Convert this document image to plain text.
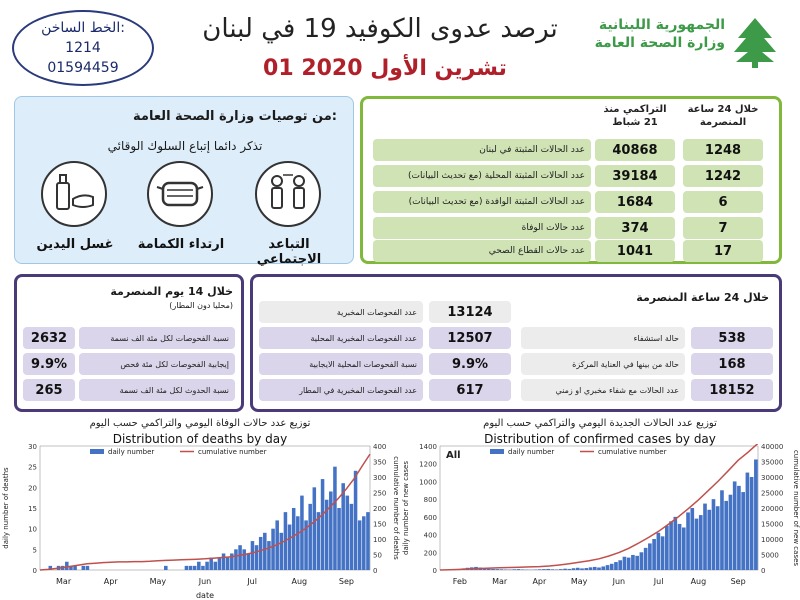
الخط الساخن:
1214
01594459
الجمهورية اللبنانية
وزارة الصحة العامة
ترصد عدوى الكوفيد 19 في لبنان
01 تشرين الأول 2020
من توصيات وزارة الصحة العامة:
تذكر دائما إتباع السلوك الوقائي
التباعد الاجتماعي
ارتداء الكمامة
غسل اليدين
خلال 24 ساعة المنصرمة
التراكمي منذ 21 شباط
عدد الحالات المثبتة في لبنان	40868	1248
عدد الحالات المثبتة المحلية (مع تحديث البيانات)	39184	1242
عدد الحالات المثبتة الوافدة (مع تحديث البيانات)	1684	6
عدد حالات الوفاة	374	7
عدد حالات القطاع الصحي	1041	17
خلال 14 يوم المنصرمة
(محليا دون المطار)
2632	نسبة الفحوصات لكل مئة الف نسمة
9.9%	إيجابية الفحوصات لكل مئة فحص
265	نسبة الحدوث لكل مئة الف نسمة
خلال 24 ساعة المنصرمة
عدد الفحوصات المخبرية	13124
عدد الفحوصات المخبرية المحلية	12507
نسبة الفحوصات المحلية الايجابية	9.9%
عدد الفحوصات المخبرية في المطار	617
حالة استشفاء	538
حالة من بينها في العناية المركزة	168
عدد الحالات مع شفاء مخبري او زمني	18152
توزيع عدد حالات الوفاة اليومي والتراكمي حسب اليوم
Distribution of deaths by day
توزيع عدد الحالات الجديدة اليومي والتراكمي حسب اليوم
Distribution of confirmed cases by day
0
5
10
15
20
25
30
0
50
100
150
200
250
300
350
400
Mar	Apr	May	Jun	Jul	Aug	Sep
date
daily number of deaths	cumulative number of deaths
daily number	cumulative number
0
200
400
600
800
1000
1200
1400
0
5000
10000
15000
20000
25000
30000
35000
40000
Feb	Mar	Apr	May	Jun	Jul	Aug	Sep
daily number of new cases	cumulative number of new cases
daily number	cumulative number
All
